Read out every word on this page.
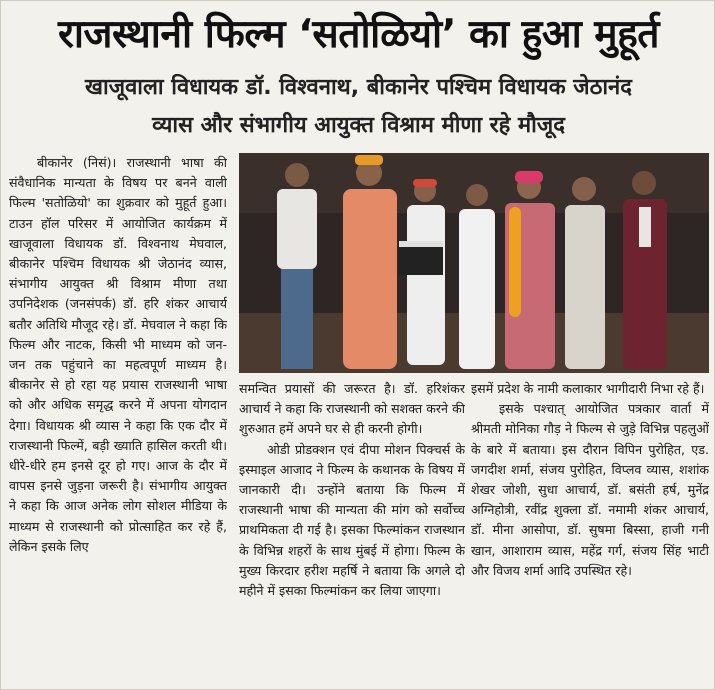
राजस्थानी फिल्म ‘सतोळियो’ का हुआ मुहूर्त
खाजूवाला विधायक डॉ. विश्वनाथ, बीकानेर पश्चिम विधायक जेठानंद
व्यास और संभागीय आयुक्त विश्राम मीणा रहे मौजूद

बीकानेर (निसं)। राजस्थानी भाषा की संवैधानिक मान्यता के विषय पर बनने वाली फिल्म 'सतोळियो' का शुक्रवार को मुहूर्त हुआ। टाउन हॉल परिसर में आयोजित कार्यक्रम में खाजूवाला विधायक डॉ. विश्वनाथ मेघवाल, बीकानेर पश्चिम विधायक श्री जेठानंद व्यास, संभागीय आयुक्त श्री विश्राम मीणा तथा उपनिदेशक (जनसंपर्क) डॉ. हरि शंकर आचार्य बतौर अतिथि मौजूद रहे। डॉ. मेघवाल ने कहा कि फिल्म और नाटक, किसी भी माध्यम को जन-जन तक पहुंचाने का महत्वपूर्ण माध्यम है। बीकानेर से हो रहा यह प्रयास राजस्थानी भाषा को और अधिक समृद्ध करने में अपना योगदान देगा। विधायक श्री व्यास ने कहा कि एक दौर में राजस्थानी फिल्में, बड़ी ख्याति हासिल करती थी। धीरे-धीरे हम इनसे दूर हो गए। आज के दौर में वापस इनसे जुड़ना जरूरी है। संभागीय आयुक्त ने कहा कि आज अनेक लोग सोशल मीडिया के माध्यम से राजस्थानी को प्रोत्साहित कर रहे हैं, लेकिन इसके लिए

समन्वित प्रयासों की जरूरत है। डॉ. हरिशंकर आचार्य ने कहा कि राजस्थानी को सशक्त करने की शुरुआत हमें अपने घर से ही करनी होगी।

ओडी प्रोडक्शन एवं दीपा मोशन पिक्चर्स के इस्माइल आजाद ने फिल्म के कथानक के विषय में जानकारी दी। उन्होंने बताया कि फिल्म में राजस्थानी भाषा की मान्यता की मांग को सर्वोच्च प्राथमिकता दी गई है। इसका फिल्मांकन राजस्थान के विभिन्न शहरों के साथ मुंबई में होगा। फिल्म के मुख्य किरदार हरीश महर्षि ने बताया कि अगले दो महीने में इसका फिल्मांकन कर लिया जाएगा।

इसमें प्रदेश के नामी कलाकार भागीदारी निभा रहे हैं।

इसके पश्चात् आयोजित पत्रकार वार्ता में श्रीमती मोनिका गौड़ ने फिल्म से जुड़े विभिन्न पहलुओं के बारे में बताया। इस दौरान विपिन पुरोहित, एड. जगदीश शर्मा, संजय पुरोहित, विप्लव व्यास, शशांक शेखर जोशी, सुधा आचार्य, डॉ. बसंती हर्ष, मुनेंद्र अग्निहोत्री, रवींद्र शुक्ला डॉ. नमामी शंकर आचार्य, डॉ. मीना आसोपा, डॉ. सुषमा बिस्सा, हाजी गनी खान, आशाराम व्यास, महेंद्र गर्ग, संजय सिंह भाटी और विजय शर्मा आदि उपस्थित रहे।
